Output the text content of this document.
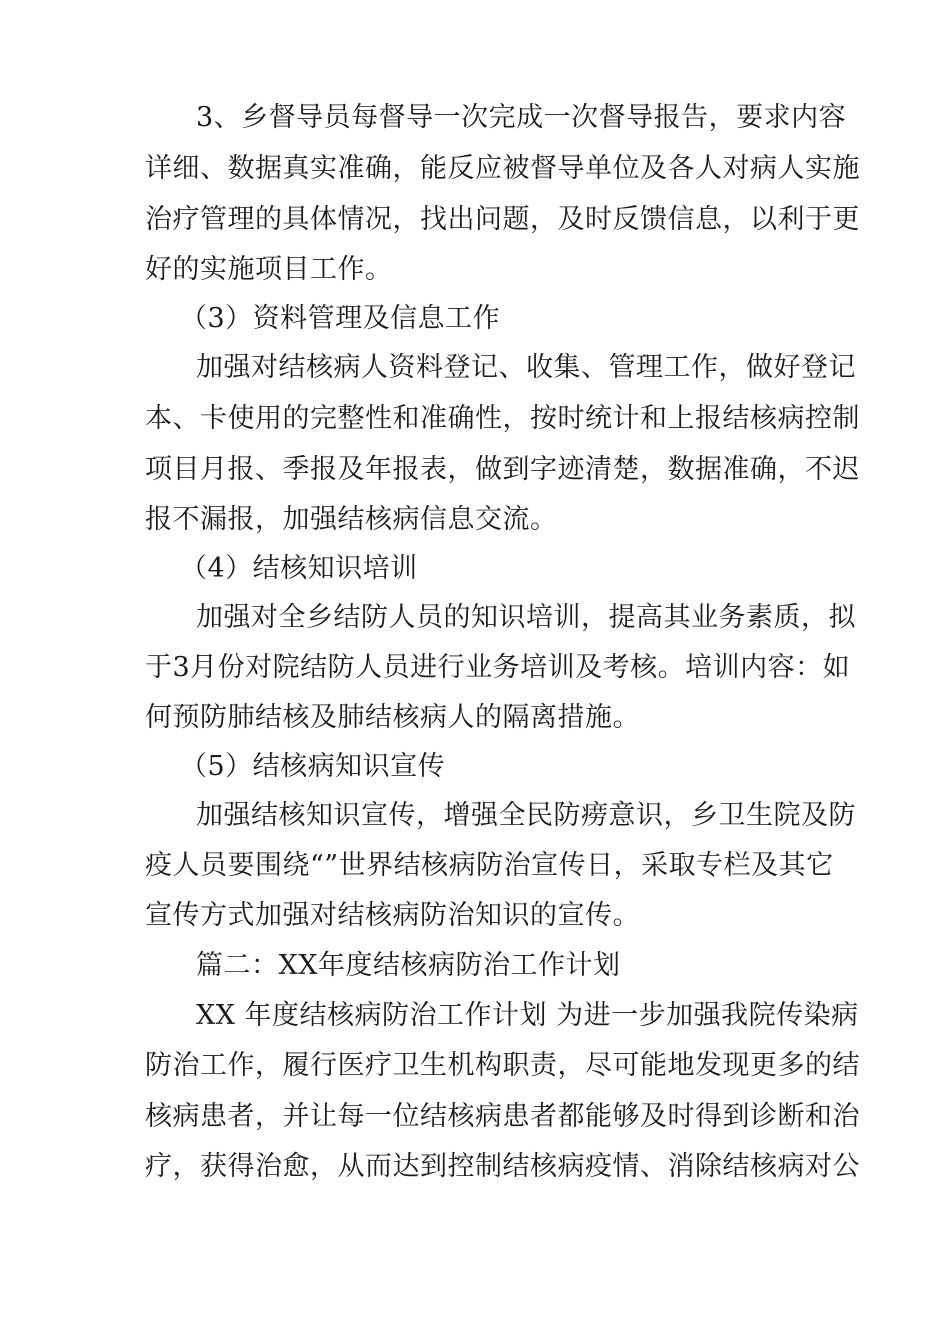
3、乡督导员每督导一次完成一次督导报告，要求内容
详细、数据真实准确，能反应被督导单位及各人对病人实施
治疗管理的具体情况，找出问题，及时反馈信息，以利于更
好的实施项目工作。
（3）资料管理及信息工作
加强对结核病人资料登记、收集、管理工作，做好登记
本、卡使用的完整性和准确性，按时统计和上报结核病控制
项目月报、季报及年报表，做到字迹清楚，数据准确，不迟
报不漏报，加强结核病信息交流。
（4）结核知识培训
加强对全乡结防人员的知识培训，提高其业务素质，拟
于3月份对院结防人员进行业务培训及考核。培训内容：如
何预防肺结核及肺结核病人的隔离措施。
（5）结核病知识宣传
加强结核知识宣传，增强全民防痨意识，乡卫生院及防
疫人员要围绕“”世界结核病防治宣传日，采取专栏及其它
宣传方式加强对结核病防治知识的宣传。
篇二：XX年度结核病防治工作计划
XX 年度结核病防治工作计划 为进一步加强我院传染病
防治工作，履行医疗卫生机构职责，尽可能地发现更多的结
核病患者，并让每一位结核病患者都能够及时得到诊断和治
疗，获得治愈，从而达到控制结核病疫情、消除结核病对公
